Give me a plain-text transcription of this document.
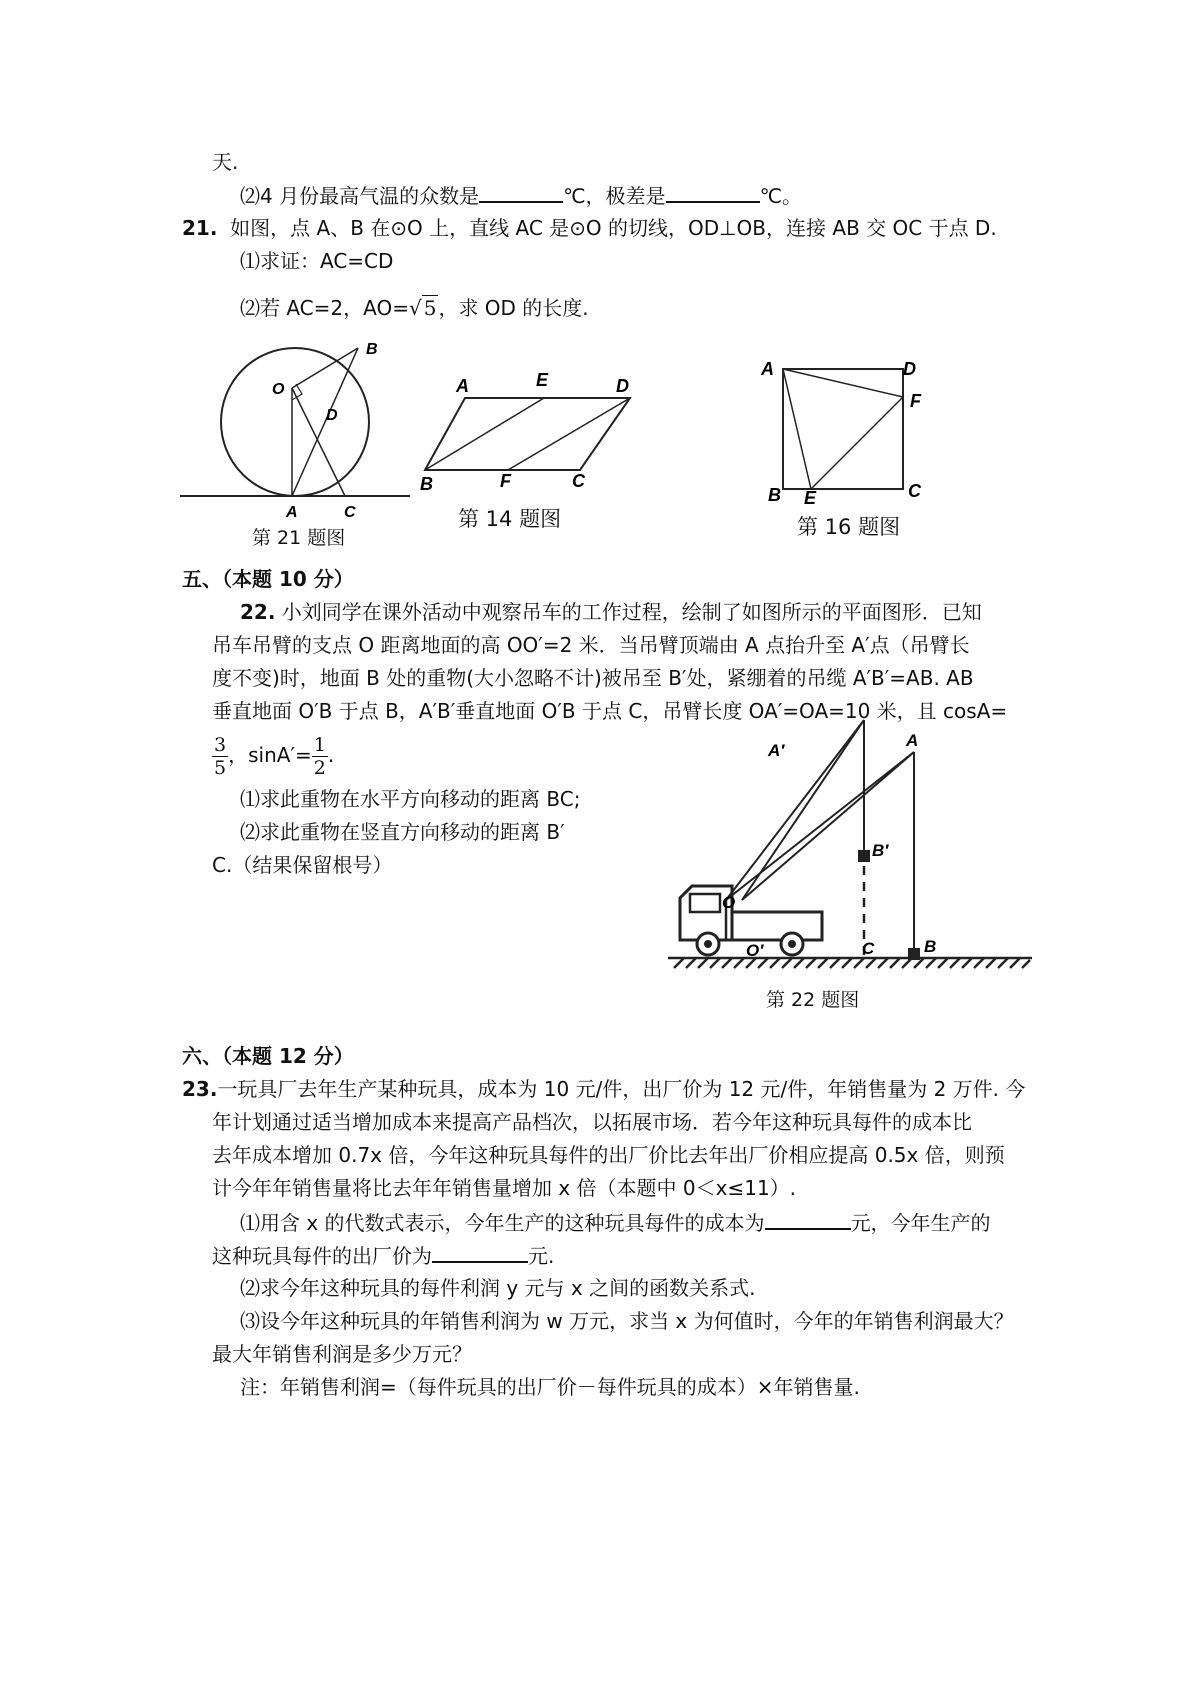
天.
⑵4 月份最高气温的众数是	℃，极差是	℃。
21. 如图，点 A、B 在⊙O 上，直线 AC 是⊙O 的切线，OD⊥OB，连接 AB 交 OC 于点 D.
⑴求证：AC=CD
⑵若 AC=2，AO=√ 5 ，求 OD 的长度.
B
O
D
A	C
第 21 题图
A	E	D
B	F	C
第 14 题图
A	D
F
B E	C
第 16 题图
五、（本题 10 分）
22. 小刘同学在课外活动中观察吊车的工作过程，绘制了如图所示的平面图形．已知
吊车吊臂的支点 O 距离地面的高 OO′=2 米．当吊臂顶端由 A 点抬升至 A′点（吊臂长
度不变)时，地面 B 处的重物(大小忽略不计)被吊至 B′处，紧绷着的吊缆 A′B′=AB. AB
垂直地面 O′B 于点 B，A′B′垂直地面 O′B 于点 C，吊臂长度 OA′=OA=10 米，且 cosA=
$\frac{3}{5}$ ，$\sin A'= \frac{1}{2}$ .
⑴求此重物在水平方向移动的距离 BC;
⑵求此重物在竖直方向移动的距离 B′
C.（结果保留根号）
A′
A
B′
O
O′	C	B
第 22 题图
六、（本题 12 分）
23.一玩具厂去年生产某种玩具，成本为 10 元/件，出厂价为 12 元/件，年销售量为 2 万件. 今
年计划通过适当增加成本来提高产品档次，以拓展市场．若今年这种玩具每件的成本比
去年成本增加 0.7x 倍，今年这种玩具每件的出厂价比去年出厂价相应提高 0.5x 倍，则预
计今年年销售量将比去年年销售量增加 x 倍（本题中 0＜x≤11）.
⑴用含 x 的代数式表示，今年生产的这种玩具每件的成本为	元，今年生产的
这种玩具每件的出厂价为	元.
⑵求今年这种玩具的每件利润 y 元与 x 之间的函数关系式.
⑶设今年这种玩具的年销售利润为 w 万元，求当 x 为何值时，今年的年销售利润最大？
最大年销售利润是多少万元？
注：年销售利润=（每件玩具的出厂价－每件玩具的成本）×年销售量.
